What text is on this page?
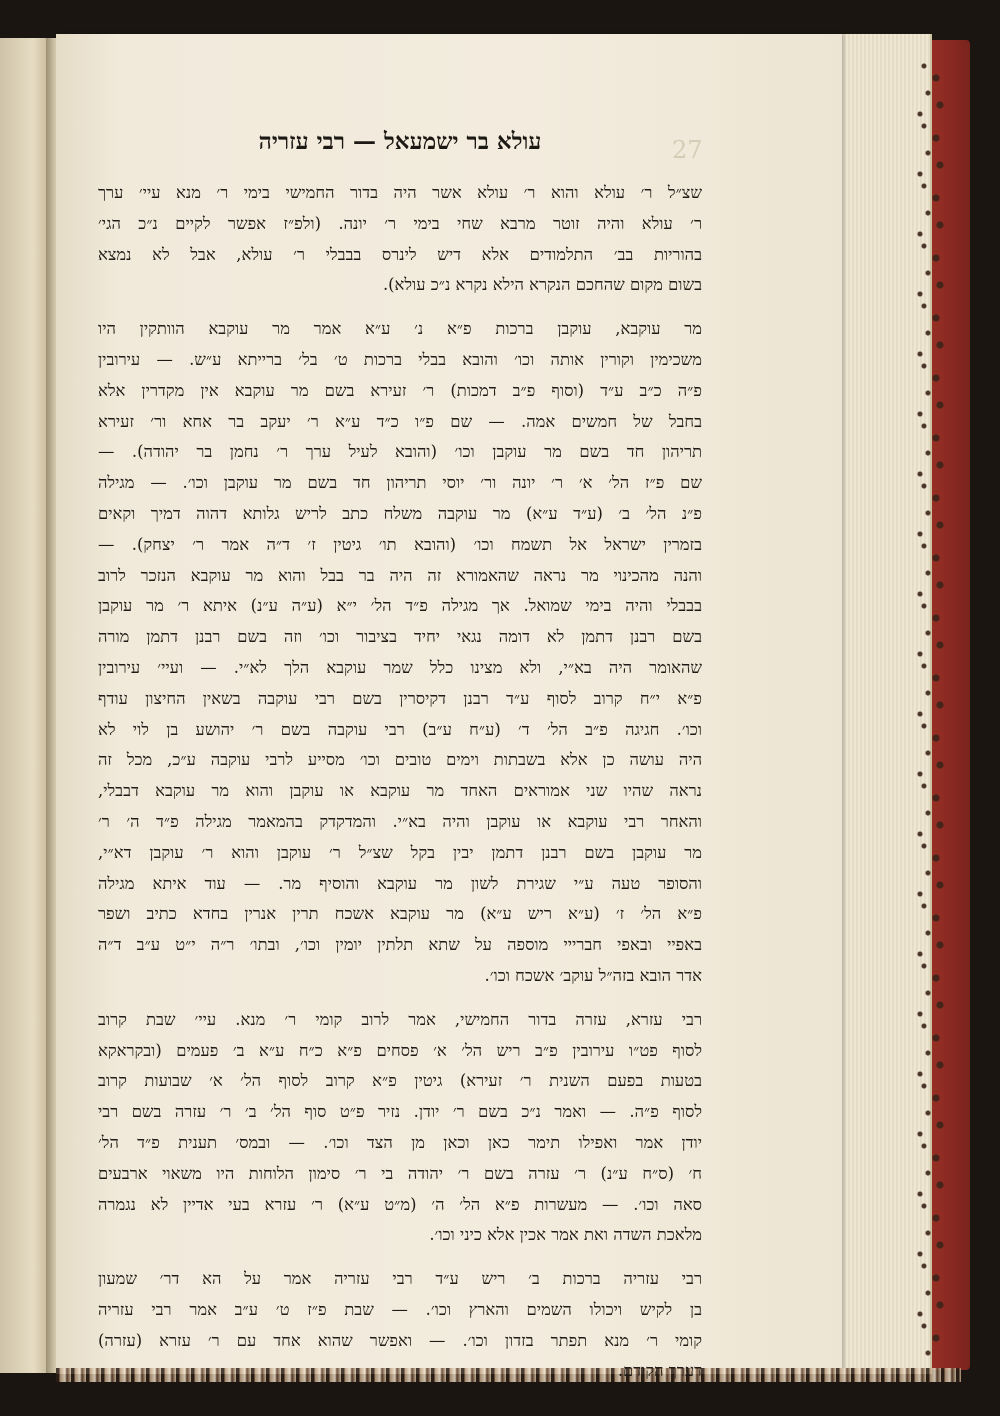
27
עולא בר ישמעאל — רבי עזריה
שצ״ל ר׳ עולא והוא ר׳ עולא אשר היה בדור החמישי בימי ר׳ מנא עיי׳ ערך
ר׳ עולא והיה זוטר מרבא שחי בימי ר׳ יונה. (ולפ״ז אפשר לקיים נ״כ הגי׳
בהוריות בב׳ התלמודים אלא דיש לינרס בבבלי ר׳ עולא, אבל לא נמצא
בשום מקום שהחכם הנקרא הילא נקרא נ״כ עולא).
מר עוקבא, עוקבן ברכות פ״א נ׳ ע״א אמר מר עוקבא הוותקין היו
משכימין וקורין אותה וכו׳ והובא בבלי ברכות ט׳ בל׳ ברייתא ע״ש. — עירובין
פ״ה כ״ב ע״ד (וסוף פ״ב דמכות) ר׳ זעירא בשם מר עוקבא אין מקדרין אלא
בחבל של חמשים אמה. — שם פ״ו כ״ד ע״א ר׳ יעקב בר אחא ור׳ זעירא
תריהון חד בשם מר עוקבן וכו׳ (והובא לעיל ערך ר׳ נחמן בר יהודה). —
שם פ״ז הל׳ א׳ ר׳ יונה ור׳ יוסי תריהון חד בשם מר עוקבן וכו׳. — מגילה
פ״נ הל׳ ב׳ (ע״ד ע״א) מר עוקבה משלח כתב לריש גלותא דהוה דמיך וקאים
בזמרין ישראל אל תשמח וכו׳ (והובא תו׳ גיטין ז׳ ד״ה אמר ר׳ יצחק). —
והנה מהכינוי מר נראה שהאמורא זה היה בר בבל והוא מר עוקבא הנזכר לרוב
בבבלי והיה בימי שמואל. אך מגילה פ״ד הל׳ י״א (ע״ה ע״נ) איתא ר׳ מר עוקבן
בשם רבנן דתמן לא דומה נגאי יחיד בציבור וכו׳ וזה בשם רבנן דתמן מורה
שהאומר היה בא״י, ולא מצינו כלל שמר עוקבא הלך לא״י. — ועיי׳ עירובין
פ״א י״ח קרוב לסוף ע״ד רבנן דקיסרין בשם רבי עוקבה בשאין החיצון עודף
וכו׳. חגיגה פ״ב הל׳ ד׳ (ע״ח ע״ב) רבי עוקבה בשם ר׳ יהושע בן לוי לא
היה עושה כן אלא בשבתות וימים טובים וכו׳ מסייע לרבי עוקבה ע״כ, מכל זה
נראה שהיו שני אמוראים האחד מר עוקבא או עוקבן והוא מר עוקבא דבבלי,
והאחר רבי עוקבא או עוקבן והיה בא״י. והמדקדק בהמאמר מגילה פ״ד ה׳ ר׳
מר עוקבן בשם רבנן דתמן יבין בקל שצ״ל ר׳ עוקבן והוא ר׳ עוקבן דא״י,
והסופר טעה ע״י שגירת לשון מר עוקבא והוסיף מר. — עוד איתא מגילה
פ״א הל׳ ז׳ (ע״א ריש ע״א) מר עוקבא אשכח תרין אנרין בחדא כתיב ושפר
באפיי ובאפי חברייי מוספה על שתא תלתין יומין וכו׳, ובתו׳ ר״ה י״ט ע״ב ד״ה
אדר הובא בזה״ל עוקב׳ אשכח וכו׳.
רבי עזרא, עזרה בדור החמישי, אמר לרוב קומי ר׳ מנא. עיי׳ שבת קרוב
לסוף פט״ו עירובין פ״ב ריש הל׳ א׳ פסחים פ״א כ״ח ע״א ב׳ פעמים (ובקראקא
בטעות בפעם השנית ר׳ זעירא) גיטין פ״א קרוב לסוף הל׳ א׳ שבועות קרוב
לסוף פ״ה. — ואמר נ״כ בשם ר׳ יודן. נזיר פ״ט סוף הל׳ ב׳ ר׳ עזרה בשם רבי
יודן אמר ואפילו תימר כאן וכאן מן הצד וכו׳. — ובמס׳ תענית פ״ד הל׳
ח׳ (ס״ח ע״נ) ר׳ עזרה בשם ר׳ יהודה בי ר׳ סימון הלוחות היו משאוי ארבעים
סאה וכו׳. — מעשרות פ״א הל׳ ה׳ (מ״ט ע״א) ר׳ עזרא בעי אדיין לא נגמרה
מלאכת השדה ואת אמר אכין אלא כיני וכו׳.
רבי עזריה ברכות ב׳ ריש ע״ד רבי עזריה אמר על הא דר׳ שמעון
בן לקיש ויכולו השמים והארץ וכו׳. — שבת פ״ז ט׳ ע״ב אמר רבי עזריה
קומי ר׳ מנא תפתר בזדון וכו׳. — ואפשר שהוא אחד עם ר׳ עזרא (עזרה)
דערך הקודם.
